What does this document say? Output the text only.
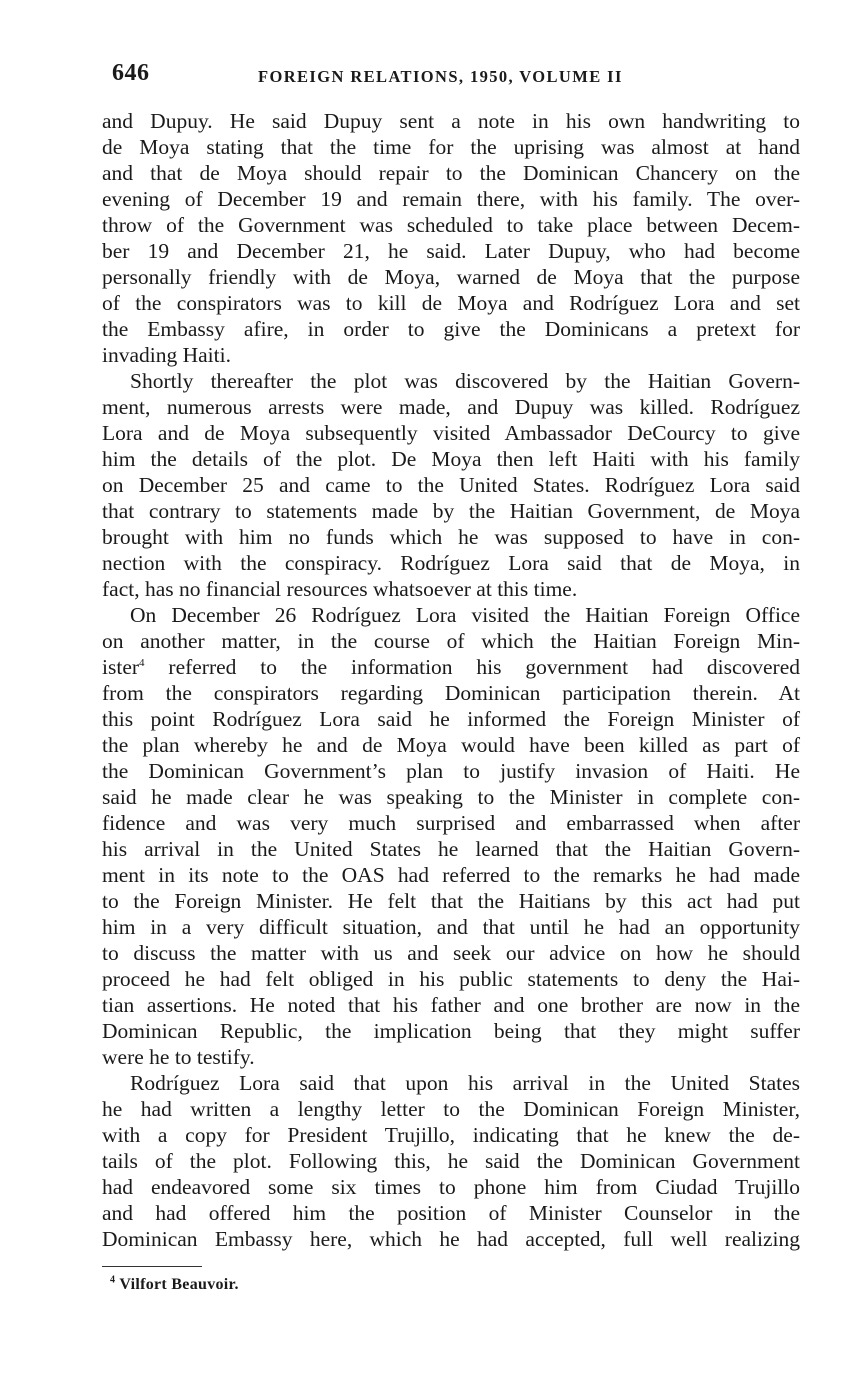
646	FOREIGN RELATIONS, 1950, VOLUME II
and Dupuy. He said Dupuy sent a note in his own handwriting to
de Moya stating that the time for the uprising was almost at hand
and that de Moya should repair to the Dominican Chancery on the
evening of December 19 and remain there, with his family. The over-
throw of the Government was scheduled to take place between Decem-
ber 19 and December 21, he said. Later Dupuy, who had become
personally friendly with de Moya, warned de Moya that the purpose
of the conspirators was to kill de Moya and Rodríguez Lora and set
the Embassy afire, in order to give the Dominicans a pretext for
invading Haiti.
Shortly thereafter the plot was discovered by the Haitian Govern-
ment, numerous arrests were made, and Dupuy was killed. Rodríguez
Lora and de Moya subsequently visited Ambassador DeCourcy to give
him the details of the plot. De Moya then left Haiti with his family
on December 25 and came to the United States. Rodríguez Lora said
that contrary to statements made by the Haitian Government, de Moya
brought with him no funds which he was supposed to have in con-
nection with the conspiracy. Rodríguez Lora said that de Moya, in
fact, has no financial resources whatsoever at this time.
On December 26 Rodríguez Lora visited the Haitian Foreign Office
on another matter, in the course of which the Haitian Foreign Min-
ister$^4$ referred to the information his government had discovered
from the conspirators regarding Dominican participation therein. At
this point Rodríguez Lora said he informed the Foreign Minister of
the plan whereby he and de Moya would have been killed as part of
the Dominican Government’s plan to justify invasion of Haiti. He
said he made clear he was speaking to the Minister in complete con-
fidence and was very much surprised and embarrassed when after
his arrival in the United States he learned that the Haitian Govern-
ment in its note to the OAS had referred to the remarks he had made
to the Foreign Minister. He felt that the Haitians by this act had put
him in a very difficult situation, and that until he had an opportunity
to discuss the matter with us and seek our advice on how he should
proceed he had felt obliged in his public statements to deny the Hai-
tian assertions. He noted that his father and one brother are now in the
Dominican Republic, the implication being that they might suffer
were he to testify.
Rodríguez Lora said that upon his arrival in the United States
he had written a lengthy letter to the Dominican Foreign Minister,
with a copy for President Trujillo, indicating that he knew the de-
tails of the plot. Following this, he said the Dominican Government
had endeavored some six times to phone him from Ciudad Trujillo
and had offered him the position of Minister Counselor in the
Dominican Embassy here, which he had accepted, full well realizing
$^4$ Vilfort Beauvoir.
